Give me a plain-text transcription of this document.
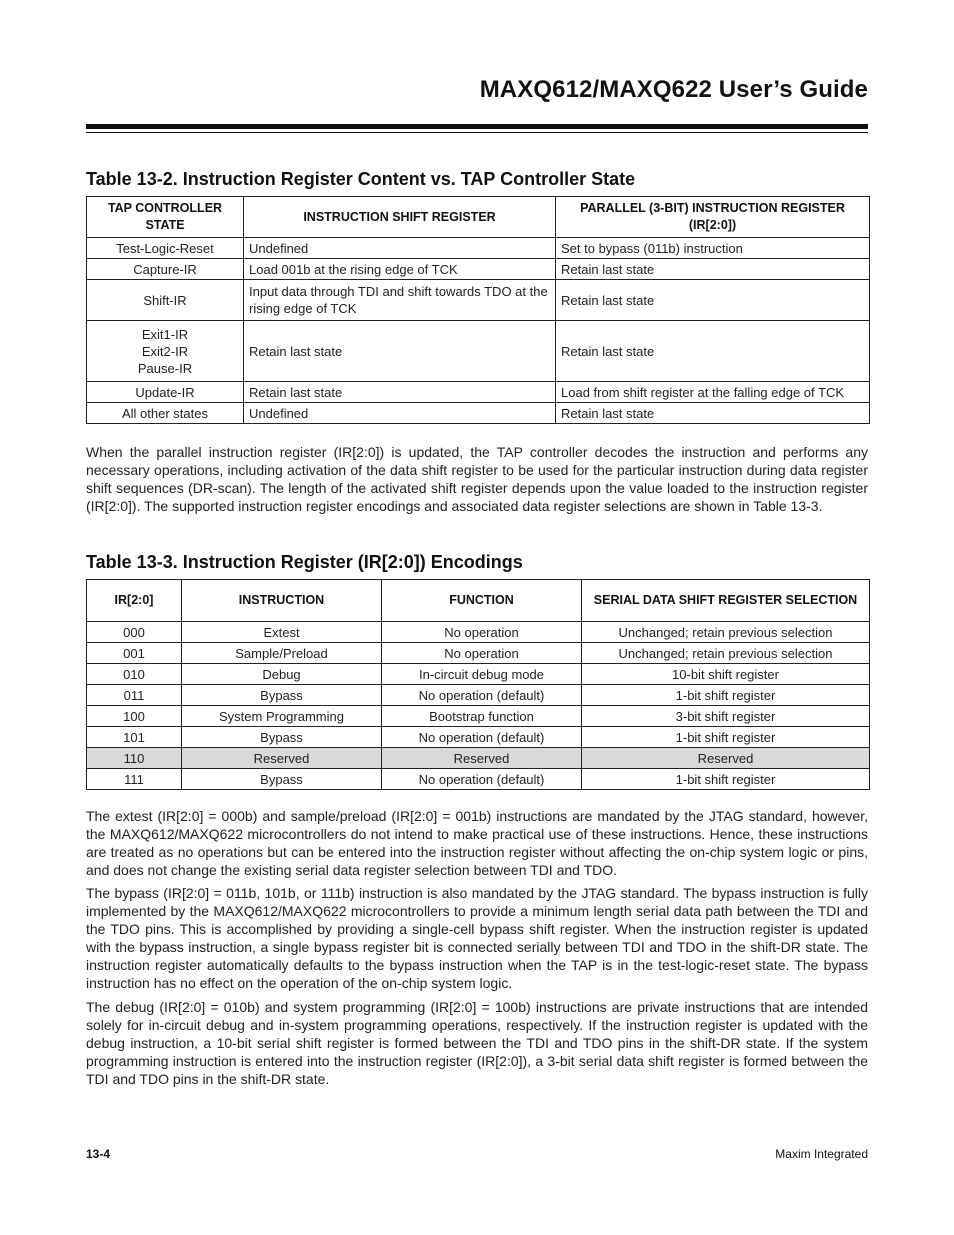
MAXQ612/MAXQ622 User’s Guide
Table 13-2. Instruction Register Content vs. TAP Controller State
TAP CONTROLLER STATE	INSTRUCTION SHIFT REGISTER	PARALLEL (3-BIT) INSTRUCTION REGISTER (IR[2:0])
Test-Logic-Reset	Undefined	Set to bypass (011b) instruction
Capture-IR	Load 001b at the rising edge of TCK	Retain last state
Shift-IR	Input data through TDI and shift towards TDO at the rising edge of TCK	Retain last state

Exit1-IR
Exit2-IR
Pause-IR	Retain last state	Retain last state
Update-IR	Retain last state	Load from shift register at the falling edge of TCK
All other states	Undefined	Retain last state

When the parallel instruction register (IR[2:0]) is updated, the TAP controller decodes the instruction and performs any necessary operations, including activation of the data shift register to be used for the particular instruction during data register shift sequences (DR-scan). The length of the activated shift register depends upon the value loaded to the instruction register (IR[2:0]). The supported instruction register encodings and associated data register selections are shown in Table 13-3.

Table 13-3. Instruction Register (IR[2:0]) Encodings
IR[2:0]	INSTRUCTION	FUNCTION	SERIAL DATA SHIFT REGISTER SELECTION
000	Extest	No operation	Unchanged; retain previous selection
001	Sample/Preload	No operation	Unchanged; retain previous selection
010	Debug	In-circuit debug mode	10-bit shift register
011	Bypass	No operation (default)	1-bit shift register
100	System Programming	Bootstrap function	3-bit shift register
101	Bypass	No operation (default)	1-bit shift register
110	Reserved	Reserved	Reserved
111	Bypass	No operation (default)	1-bit shift register

The extest (IR[2:0] = 000b) and sample/preload (IR[2:0] = 001b) instructions are mandated by the JTAG standard, however, the MAXQ612/MAXQ622 microcontrollers do not intend to make practical use of these instructions. Hence, these instructions are treated as no operations but can be entered into the instruction register without affecting the on-chip system logic or pins, and does not change the existing serial data register selection between TDI and TDO.

The bypass (IR[2:0] = 011b, 101b, or 111b) instruction is also mandated by the JTAG standard. The bypass instruction is fully implemented by the MAXQ612/MAXQ622 microcontrollers to provide a minimum length serial data path between the TDI and the TDO pins. This is accomplished by providing a single-cell bypass shift register. When the instruction register is updated with the bypass instruction, a single bypass register bit is connected serially between TDI and TDO in the shift-DR state. The instruction register automatically defaults to the bypass instruction when the TAP is in the test-logic-reset state. The bypass instruction has no effect on the operation of the on-chip system logic.

The debug (IR[2:0] = 010b) and system programming (IR[2:0] = 100b) instructions are private instructions that are intended solely for in-circuit debug and in-system programming operations, respectively. If the instruction register is updated with the debug instruction, a 10-bit serial shift register is formed between the TDI and TDO pins in the shift-DR state. If the system programming instruction is entered into the instruction register (IR[2:0]), a 3-bit serial data shift register is formed between the TDI and TDO pins in the shift-DR state.

13-4	Maxim Integrated
